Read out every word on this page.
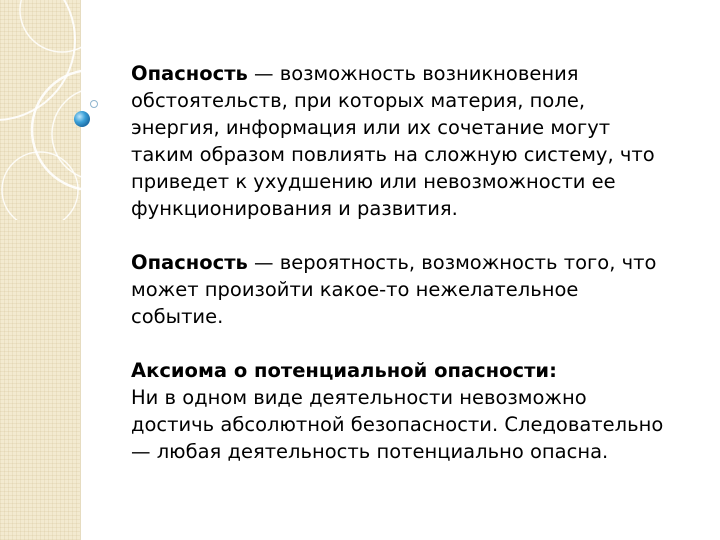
Опасность — возможность возникновения обстоятельств, при которых материя, поле, энергия, информация или их сочетание могут таким образом повлиять на сложную систему, что приведет к ухудшению или невозможности ее функционирования и развития.

Опасность — вероятность, возможность того, что может произойти какое-то нежелательное событие.

Аксиома о потенциальной опасности:
Ни в одном виде деятельности невозможно достичь абсолютной безопасности. Следовательно — любая деятельность потенциально опасна.
